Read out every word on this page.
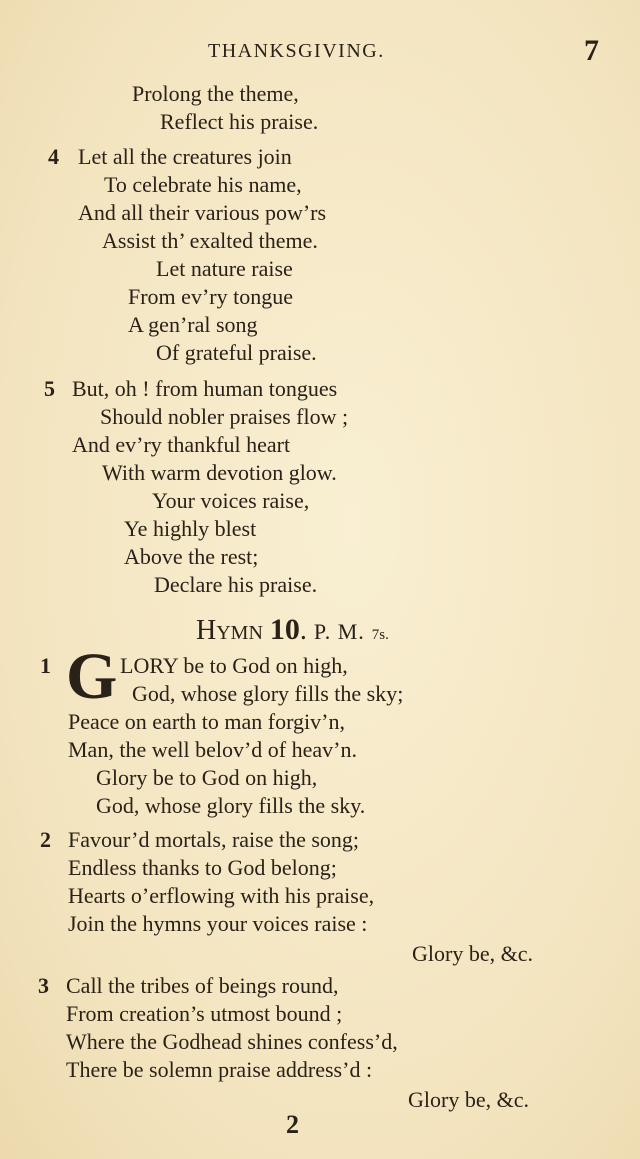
THANKSGIVING.	7
Prolong the theme,
Reflect his praise.
4 Let all the creatures join
To celebrate his name,
And all their various pow’rs
Assist th’ exalted theme.
Let nature raise
From ev’ry tongue
A gen’ral song
Of grateful praise.
5 But, oh ! from human tongues
Should nobler praises flow ;
And ev’ry thankful heart
With warm devotion glow.
Your voices raise,
Ye highly blest
Above the rest;
Declare his praise.
Hymn 10. P. M. 7s.
1 G LORY be to God on high,
God, whose glory fills the sky;
Peace on earth to man forgiv’n,
Man, the well belov’d of heav’n.
Glory be to God on high,
God, whose glory fills the sky.
2 Favour’d mortals, raise the song;
Endless thanks to God belong;
Hearts o’erflowing with his praise,
Join the hymns your voices raise :
Glory be, &c.
3 Call the tribes of beings round,
From creation’s utmost bound ;
Where the Godhead shines confess’d,
There be solemn praise address’d :
Glory be, &c.
2
